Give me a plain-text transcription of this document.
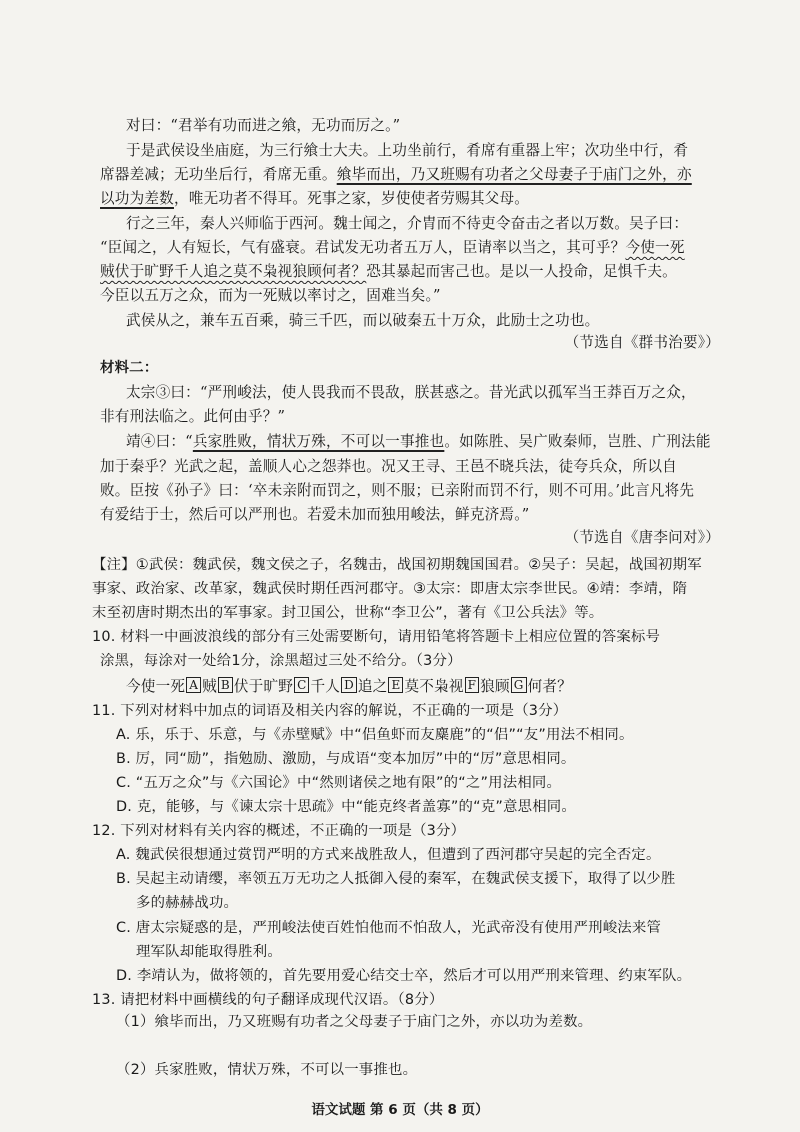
对曰：“君举有功而进之飨，无功而厉之。”
于是武侯设坐庙庭，为三行飨士大夫。上功坐前行，肴席有重器上牢；次功坐中行，肴
席器差减；无功坐后行，肴席无重。飨毕而出，乃又班赐有功者之父母妻子于庙门之外，亦
以功为差数，唯无功者不得耳。死事之家，岁使使者劳赐其父母。
行之三年，秦人兴师临于西河。魏士闻之，介胄而不待吏令奋击之者以万数。吴子曰：
“臣闻之，人有短长，气有盛衰。君试发无功者五万人，臣请率以当之，其可乎？今使一死
贼伏于旷野千人追之莫不枭视狼顾何者？恐其暴起而害己也。是以一人投命，足惧千夫。
今臣以五万之众，而为一死贼以率讨之，固难当矣。”
武侯从之，兼车五百乘，骑三千匹，而以破秦五十万众，此励士之功也。
（节选自《群书治要》）
材料二：
太宗③曰：“严刑峻法，使人畏我而不畏敌，朕甚惑之。昔光武以孤军当王莽百万之众，
非有刑法临之。此何由乎？”
靖④曰：“兵家胜败，情状万殊，不可以一事推也。如陈胜、吴广败秦师，岂胜、广刑法能
加于秦乎？光武之起，盖顺人心之怨莽也。况又王寻、王邑不晓兵法，徒夸兵众，所以自
败。臣按《孙子》曰：‘卒未亲附而罚之，则不服；已亲附而罚不行，则不可用。’此言凡将先
有爱结于士，然后可以严刑也。若爱未加而独用峻法，鲜克济焉。”
（节选自《唐李问对》）
【注】①武侯：魏武侯，魏文侯之子，名魏击，战国初期魏国国君。②吴子：吴起，战国初期军
事家、政治家、改革家，魏武侯时期任西河郡守。③太宗：即唐太宗李世民。④靖：李靖，隋
末至初唐时期杰出的军事家。封卫国公，世称“李卫公”，著有《卫公兵法》等。
10. 材料一中画波浪线的部分有三处需要断句，请用铅笔将答题卡上相应位置的答案标号
涂黑，每涂对一处给1分，涂黑超过三处不给分。（3分）
今使一死 A 贼 B 伏于旷野 C 千人 D 追之 E 莫不枭视 F 狼顾 G 何者？
11. 下列对材料中加点的词语及相关内容的解说，不正确的一项是（3分）
A. 乐，乐于、乐意，与《赤壁赋》中“侣鱼虾而友麋鹿”的“侣”“友”用法不相同。
B. 厉，同“励”，指勉励、激励，与成语“变本加厉”中的“厉”意思相同。
C. “五万之众”与《六国论》中“然则诸侯之地有限”的“之”用法相同。
D. 克，能够，与《谏太宗十思疏》中“能克终者盖寡”的“克”意思相同。
12. 下列对材料有关内容的概述，不正确的一项是（3分）
A. 魏武侯很想通过赏罚严明的方式来战胜敌人，但遭到了西河郡守吴起的完全否定。
B. 吴起主动请缨，率领五万无功之人抵御入侵的秦军，在魏武侯支援下，取得了以少胜
多的赫赫战功。
C. 唐太宗疑惑的是，严刑峻法使百姓怕他而不怕敌人，光武帝没有使用严刑峻法来管
理军队却能取得胜利。
D. 李靖认为，做将领的，首先要用爱心结交士卒，然后才可以用严刑来管理、约束军队。
13. 请把材料中画横线的句子翻译成现代汉语。（8分）
（1）飨毕而出，乃又班赐有功者之父母妻子于庙门之外，亦以功为差数。
（2）兵家胜败，情状万殊，不可以一事推也。
语文试题 第 6 页（共 8 页）
